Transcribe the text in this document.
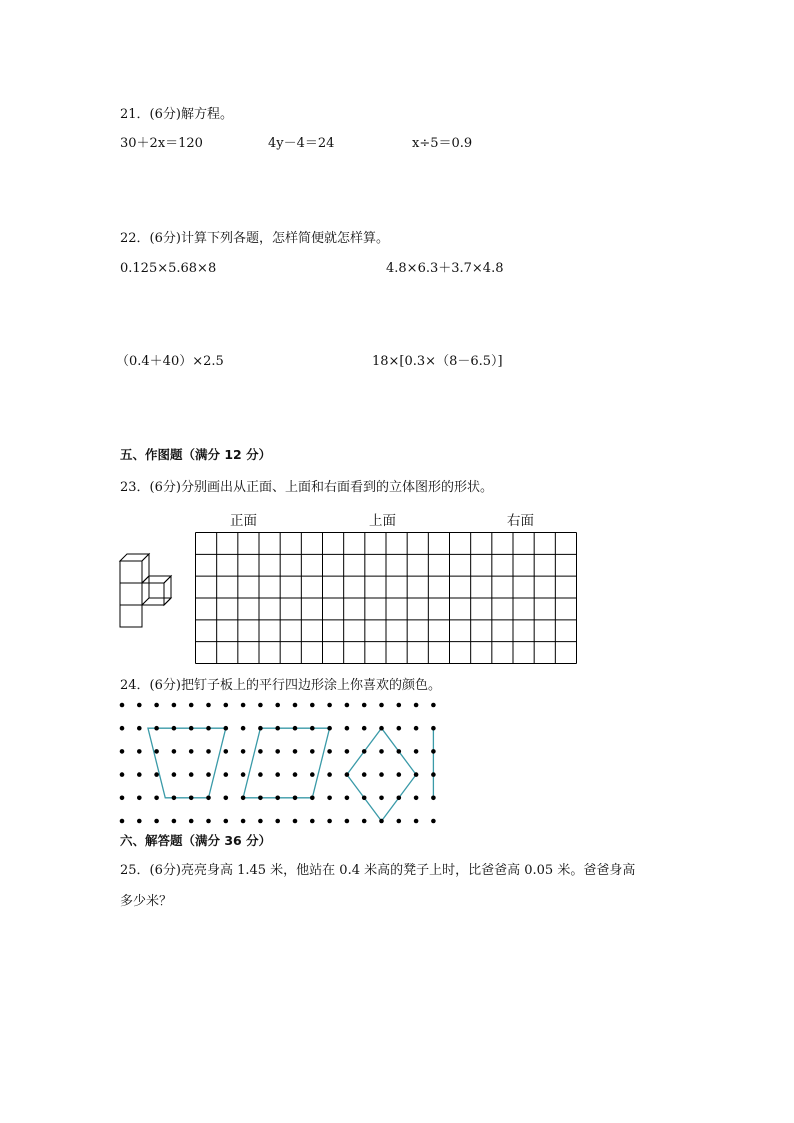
21．(6分)解方程。
30＋2x＝120	4y－4＝24	x÷5＝0.9
22．(6分)计算下列各题，怎样简便就怎样算。
0.125×5.68×8	4.8×6.3＋3.7×4.8
（0.4＋40）×2.5	18×[0.3×（8－6.5）]
五、作图题（满分 12 分）
23．(6分)分别画出从正面、上面和右面看到的立体图形的形状。
正面	上面	右面
24．(6分)把钉子板上的平行四边形涂上你喜欢的颜色。
六、解答题（满分 36 分）
25．(6分)亮亮身高 1.45 米，他站在 0.4 米高的凳子上时，比爸爸高 0.05 米。爸爸身高
多少米？
